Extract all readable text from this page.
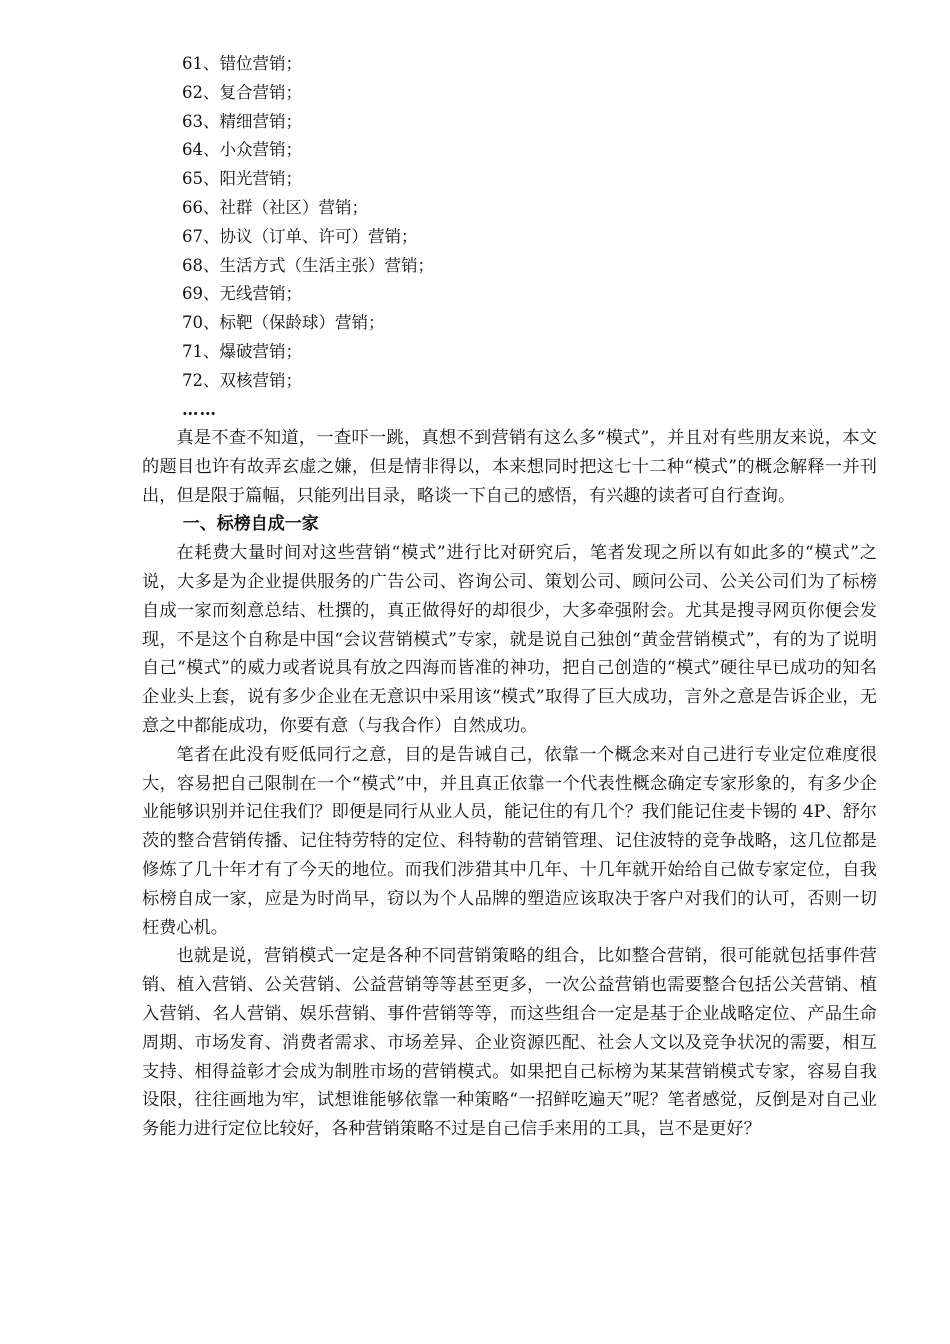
61、错位营销；
62、复合营销；
63、精细营销；
64、小众营销；
65、阳光营销；
66、社群（社区）营销；
67、协议（订单、许可）营销；
68、生活方式（生活主张）营销；
69、无线营销；
70、标靶（保龄球）营销；
71、爆破营销；
72、双核营销；
……

真是不查不知道，一查吓一跳，真想不到营销有这么多“模式”，并且对有些朋友来说，本文的题目也许有故弄玄虚之嫌，但是情非得以，本来想同时把这七十二种“模式”的概念解释一并刊出，但是限于篇幅，只能列出目录，略谈一下自己的感悟，有兴趣的读者可自行查询。

一、标榜自成一家

在耗费大量时间对这些营销“模式”进行比对研究后，笔者发现之所以有如此多的“模式”之说，大多是为企业提供服务的广告公司、咨询公司、策划公司、顾问公司、公关公司们为了标榜自成一家而刻意总结、杜撰的，真正做得好的却很少，大多牵强附会。尤其是搜寻网页你便会发现，不是这个自称是中国“会议营销模式”专家，就是说自己独创“黄金营销模式”，有的为了说明自己“模式”的威力或者说具有放之四海而皆准的神功，把自己创造的“模式”硬往早已成功的知名企业头上套，说有多少企业在无意识中采用该“模式”取得了巨大成功，言外之意是告诉企业，无意之中都能成功，你要有意（与我合作）自然成功。

笔者在此没有贬低同行之意，目的是告诫自己，依靠一个概念来对自己进行专业定位难度很大，容易把自己限制在一个“模式”中，并且真正依靠一个代表性概念确定专家形象的，有多少企业能够识别并记住我们？即便是同行从业人员，能记住的有几个？我们能记住麦卡锡的 4P、舒尔茨的整合营销传播、记住特劳特的定位、科特勒的营销管理、记住波特的竞争战略，这几位都是修炼了几十年才有了今天的地位。而我们涉猎其中几年、十几年就开始给自己做专家定位，自我标榜自成一家，应是为时尚早，窃以为个人品牌的塑造应该取决于客户对我们的认可，否则一切枉费心机。

也就是说，营销模式一定是各种不同营销策略的组合，比如整合营销，很可能就包括事件营销、植入营销、公关营销、公益营销等等甚至更多，一次公益营销也需要整合包括公关营销、植入营销、名人营销、娱乐营销、事件营销等等，而这些组合一定是基于企业战略定位、产品生命周期、市场发育、消费者需求、市场差异、企业资源匹配、社会人文以及竞争状况的需要，相互支持、相得益彰才会成为制胜市场的营销模式。如果把自己标榜为某某营销模式专家，容易自我设限，往往画地为牢，试想谁能够依靠一种策略“一招鲜吃遍天”呢？笔者感觉，反倒是对自己业务能力进行定位比较好，各种营销策略不过是自己信手来用的工具，岂不是更好？
